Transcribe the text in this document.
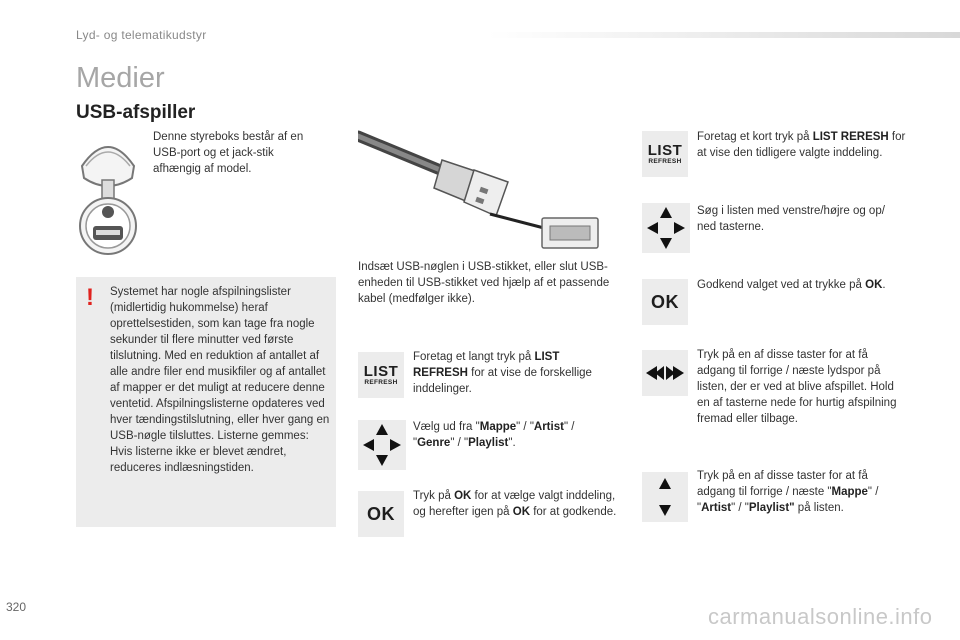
Lyd- og telematikudstyr
Medier
USB-afspiller
Denne styreboks består af en USB-port og et jack-stik afhængig af model.
! Systemet har nogle afspilningslister (midlertidig hukommelse) heraf oprettelsestiden, som kan tage fra nogle sekunder til flere minutter ved første tilslutning. Med en reduktion af antallet af alle andre filer end musikfiler og af antallet af mapper er det muligt at reducere denne ventetid. Afspilningslisterne opdateres ved hver tændingstilslutning, eller hver gang en USB-nøgle tilsluttes. Listerne gemmes: Hvis listerne ikke er blevet ændret, reduceres indlæsningstiden.
Indsæt USB-nøglen i USB-stikket, eller slut USB-enheden til USB-stikket ved hjælp af et passende kabel (medfølger ikke).
LIST
REFRESH
Foretag et langt tryk på LIST REFRESH for at vise de forskellige inddelinger.
Vælg ud fra "Mappe" / "Artist" / "Genre" / "Playlist".
OK
Tryk på OK for at vælge valgt inddeling, og herefter igen på OK for at godkende.
LIST
REFRESH
Foretag et kort tryk på LIST RERESH for at vise den tidligere valgte inddeling.
Søg i listen med venstre/højre og op/ ned tasterne.
OK
Godkend valget ved at trykke på OK.
Tryk på en af disse taster for at få adgang til forrige / næste lydspor på listen, der er ved at blive afspillet. Hold en af tasterne nede for hurtig afspilning fremad eller tilbage.
Tryk på en af disse taster for at få adgang til forrige / næste "Mappe" / "Artist" / "Playlist" på listen.
320	carmanualsonline.info
